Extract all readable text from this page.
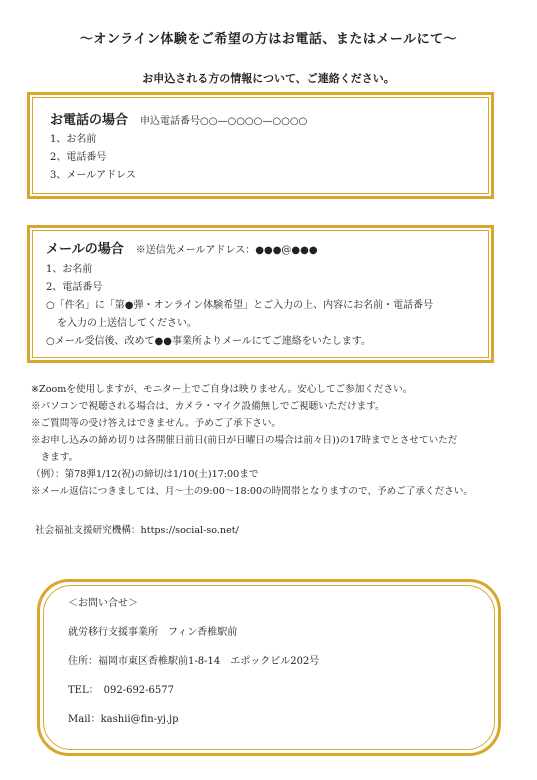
〜オンライン体験をご希望の方はお電話、またはメールにて〜
お申込される方の情報について、ご連絡ください。
お電話の場合 申込電話番号○○—○○○○—○○○○
1、お名前
2、電話番号
3、メールアドレス
メールの場合 ※送信先メールアドレス：●●●@●●●
1、お名前
2、電話番号
○「件名」に「第●弾・オンライン体験希望」とご入力の上、内容にお名前・電話番号
を入力の上送信してください。
○メール受信後、改めて●●事業所よりメールにてご連絡をいたします。
※Zoomを使用しますが、モニター上でご自身は映りません。安心してご参加ください。
※パソコンで視聴される場合は、カメラ・マイク設備無しでご視聴いただけます。
※ご質問等の受け答えはできません。予めご了承下さい。
※お申し込みの締め切りは各開催日前日(前日が日曜日の場合は前々日))の17時までとさせていただ
　きます。
（例）：第78弾1/12(祝)の締切は1/10(土)17:00まで
※メール返信につきましては、月〜土の9:00〜18:00の時間帯となりますので、予めご了承ください。
社会福祉支援研究機構：https://social-so.net/
＜お問い合せ＞
就労移行支援事業所　フィン香椎駅前
住所：福岡市東区香椎駅前1-8-14　エポックビル202号
TEL：　092-692-6577
Mail：kashii@fin-yj.jp
